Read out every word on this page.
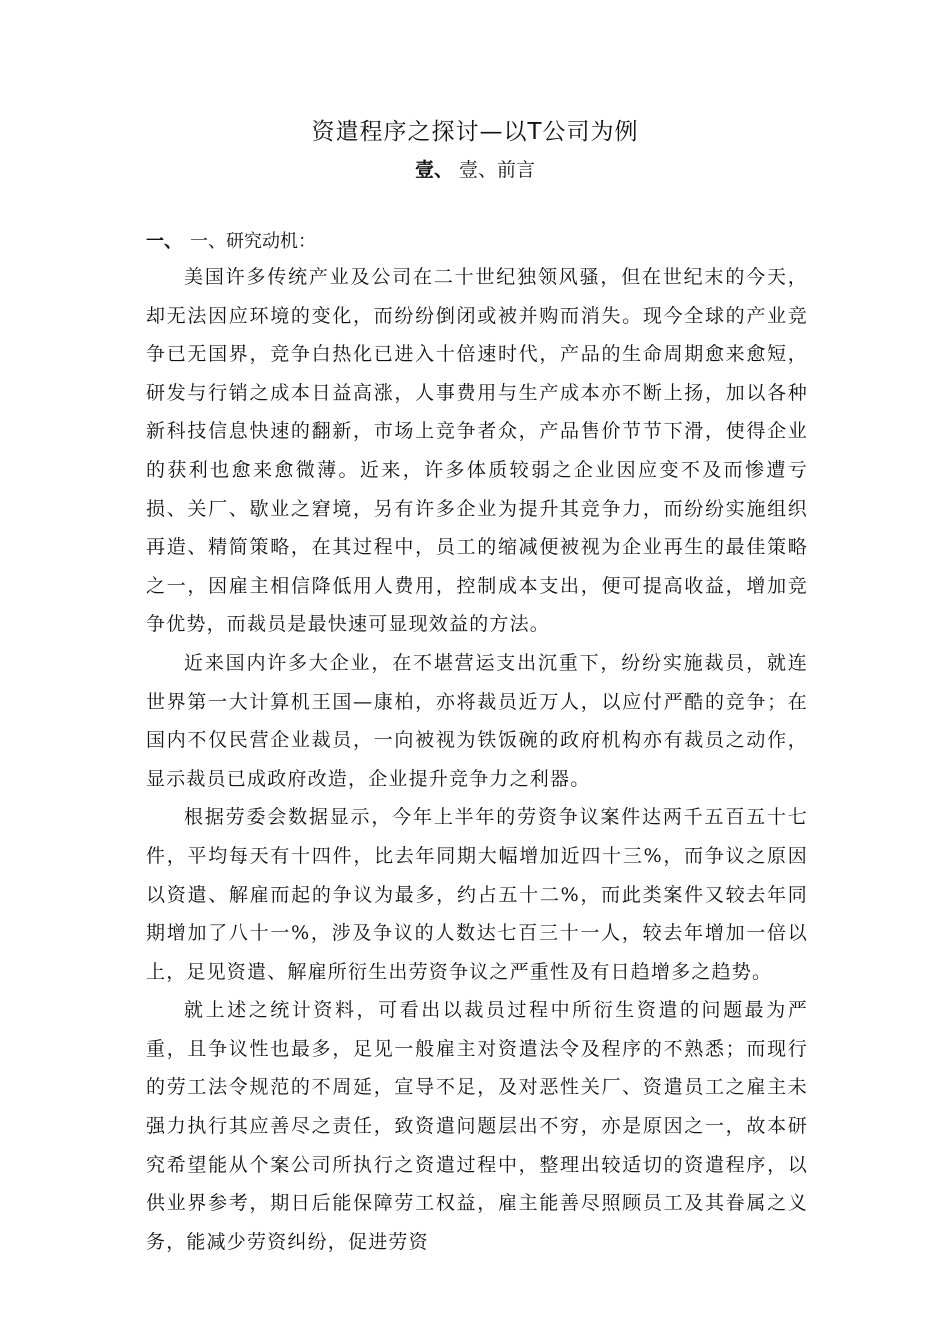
资遣程序之探讨—以T公司为例
壹、 壹、前言
一、 一、研究动机：

美国许多传统产业及公司在二十世纪独领风骚，但在世纪末的今天，却无法因应环境的变化，而纷纷倒闭或被并购而消失。现今全球的产业竞争已无国界，竞争白热化已进入十倍速时代，产品的生命周期愈来愈短，研发与行销之成本日益高涨，人事费用与生产成本亦不断上扬，加以各种新科技信息快速的翻新，市场上竞争者众，产品售价节节下滑，使得企业的获利也愈来愈微薄。近来，许多体质较弱之企业因应变不及而惨遭亏损、关厂、歇业之窘境，另有许多企业为提升其竞争力，而纷纷实施组织再造、精简策略，在其过程中，员工的缩减便被视为企业再生的最佳策略之一，因雇主相信降低用人费用，控制成本支出，便可提高收益，增加竞争优势，而裁员是最快速可显现效益的方法。

近来国内许多大企业，在不堪营运支出沉重下，纷纷实施裁员，就连世界第一大计算机王国—康柏，亦将裁员近万人，以应付严酷的竞争；在国内不仅民营企业裁员，一向被视为铁饭碗的政府机构亦有裁员之动作，显示裁员已成政府改造，企业提升竞争力之利器。

根据劳委会数据显示，今年上半年的劳资争议案件达两千五百五十七件，平均每天有十四件，比去年同期大幅增加近四十三%，而争议之原因以资遣、解雇而起的争议为最多，约占五十二%，而此类案件又较去年同期增加了八十一%，涉及争议的人数达七百三十一人，较去年增加一倍以上，足见资遣、解雇所衍生出劳资争议之严重性及有日趋增多之趋势。

就上述之统计资料，可看出以裁员过程中所衍生资遣的问题最为严重，且争议性也最多，足见一般雇主对资遣法令及程序的不熟悉；而现行的劳工法令规范的不周延，宣导不足，及对恶性关厂、资遣员工之雇主未强力执行其应善尽之责任，致资遣问题层出不穷，亦是原因之一，故本研究希望能从个案公司所执行之资遣过程中，整理出较适切的资遣程序，以供业界参考，期日后能保障劳工权益，雇主能善尽照顾员工及其眷属之义务，能减少劳资纠纷，促进劳资
